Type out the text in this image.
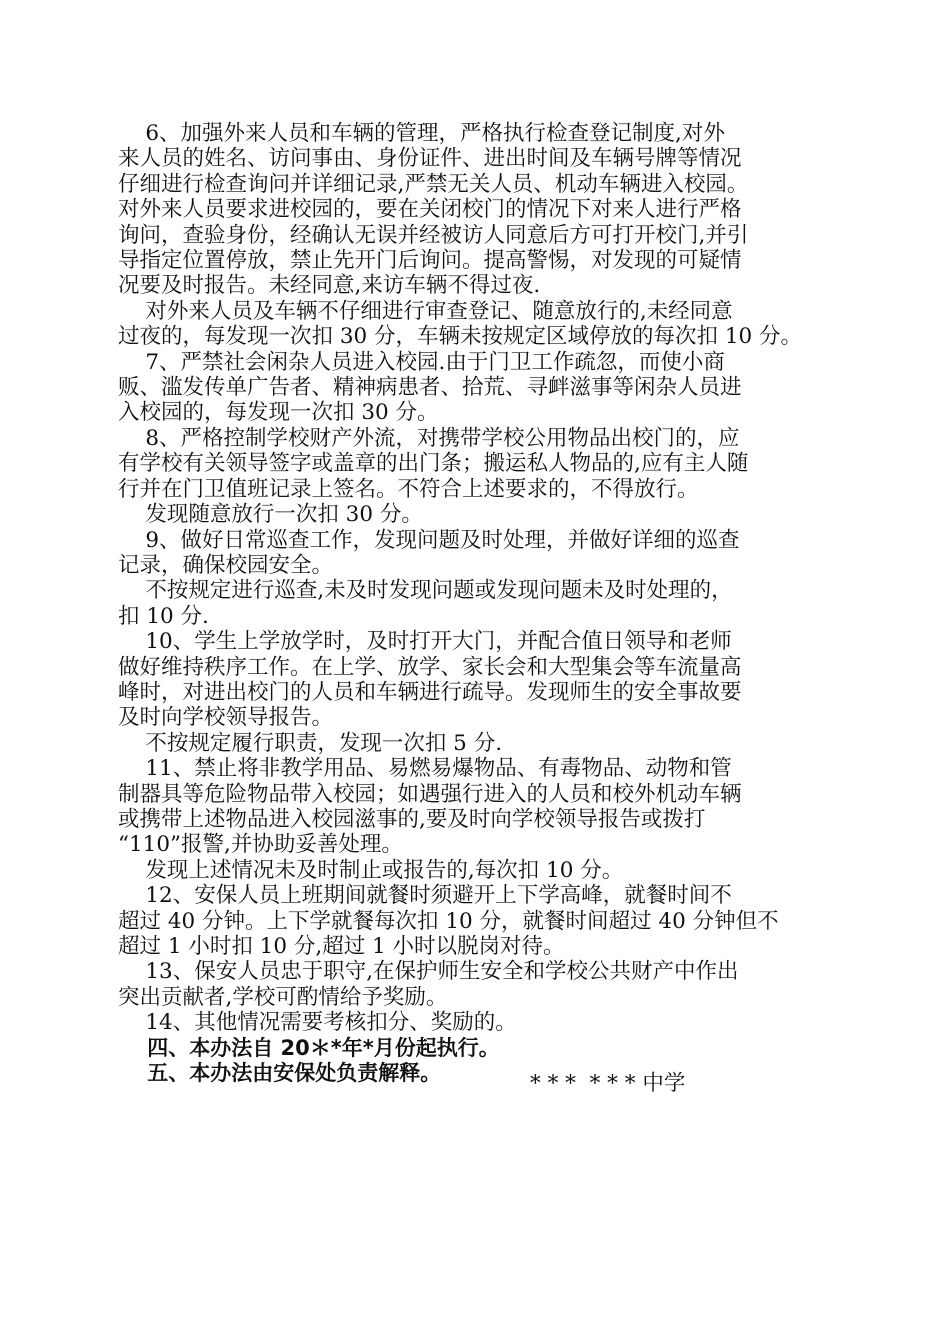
6、加强外来人员和车辆的管理，严格执行检查登记制度,对外
来人员的姓名、访问事由、身份证件、进出时间及车辆号牌等情况
仔细进行检查询问并详细记录,严禁无关人员、机动车辆进入校园。
对外来人员要求进校园的，要在关闭校门的情况下对来人进行严格
询问，查验身份，经确认无误并经被访人同意后方可打开校门,并引
导指定位置停放，禁止先开门后询问。提高警惕，对发现的可疑情
况要及时报告。未经同意,来访车辆不得过夜.

对外来人员及车辆不仔细进行审查登记、随意放行的,未经同意
过夜的，每发现一次扣 30 分，车辆未按规定区域停放的每次扣 10 分。

7、严禁社会闲杂人员进入校园.由于门卫工作疏忽，而使小商
贩、滥发传单广告者、精神病患者、拾荒、寻衅滋事等闲杂人员进
入校园的，每发现一次扣 30 分。

8、严格控制学校财产外流，对携带学校公用物品出校门的，应
有学校有关领导签字或盖章的出门条；搬运私人物品的,应有主人随
行并在门卫值班记录上签名。不符合上述要求的，不得放行。

发现随意放行一次扣 30 分。

9、做好日常巡查工作，发现问题及时处理，并做好详细的巡查
记录，确保校园安全。

不按规定进行巡查,未及时发现问题或发现问题未及时处理的，
扣 10 分.

10、学生上学放学时，及时打开大门，并配合值日领导和老师
做好维持秩序工作。在上学、放学、家长会和大型集会等车流量高
峰时，对进出校门的人员和车辆进行疏导。发现师生的安全事故要
及时向学校领导报告。

不按规定履行职责，发现一次扣 5 分.

11、禁止将非教学用品、易燃易爆物品、有毒物品、动物和管
制器具等危险物品带入校园；如遇强行进入的人员和校外机动车辆
或携带上述物品进入校园滋事的,要及时向学校领导报告或拨打
“110”报警,并协助妥善处理。

发现上述情况未及时制止或报告的,每次扣 10 分。

12、安保人员上班期间就餐时须避开上下学高峰，就餐时间不
超过 40 分钟。上下学就餐每次扣 10 分，就餐时间超过 40 分钟但不
超过 1 小时扣 10 分,超过 1 小时以脱岗对待。

13、保安人员忠于职守,在保护师生安全和学校公共财产中作出
突出贡献者,学校可酌情给予奖励。

14、其他情况需要考核扣分、奖励的。

四、本办法自 20＊*年*月份起执行。

五、本办法由安保处负责解释。	* * *  * * * 中学
